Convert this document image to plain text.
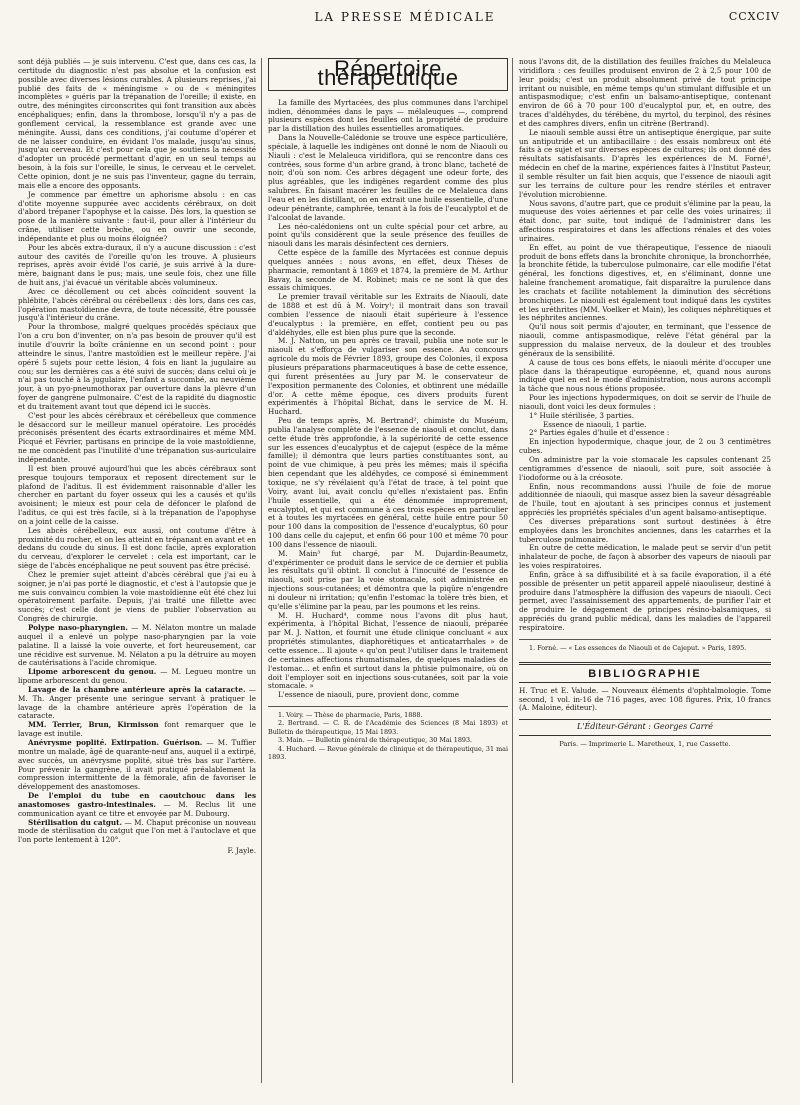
LA PRESSE MÉDICALE	CCXCIV

sont déjà publiés — je suis intervenu. C'est que, dans ces cas, la certitude du diagnostic n'est pas absolue et la confusion est possible avec diverses lésions curables. A plusieurs reprises, j'ai publié des faits de « méningisme » ou de « méningites incomplètes » guéris par la trépanation de l'oreille; il existe, en outre, des méningites circonscrites qui font transition aux abcès encéphaliques; enfin, dans la thrombose, lorsqu'il n'y a pas de gonflement cervical, la ressemblance est grande avec une méningite. Aussi, dans ces conditions, j'ai coutume d'opérer et de ne laisser conduire, en évidant l'os malade, jusqu'au sinus, jusqu'au cerveau. Et c'est pour cela que je soutiens la nécessité d'adopter un procédé permettant d'agir, en un seul temps au besoin, à la fois sur l'oreille, le sinus, le cerveau et le cervelet. Cette opinion, dont je ne suis pas l'inventeur, gagne du terrain, mais elle a encore des opposants.

Je commence par émettre un aphorisme absolu : en cas d'otite moyenne suppurée avec accidents cérébraux, on doit d'abord trépaner l'apophyse et la caisse. Dès lors, la question se pose de la manière suivante : faut-il, pour aller à l'intérieur du crâne, utiliser cette brèche, ou en ouvrir une seconde, indépendante et plus ou moins éloignée?

Pour les abcès extra-duraux, il n'y a aucune discussion : c'est autour des cavités de l'oreille qu'on les trouve. A plusieurs reprises, après avoir évidé l'os carié, je suis arrivé à la dure-mère, baignant dans le pus; mais, une seule fois, chez une fille de huit ans, j'ai évacué un véritable abcès volumineux.

Avec ce décollement ou cet abcès coïncident souvent la phlébite, l'abcès cérébral ou cérébelleux : dès lors, dans ces cas, l'opération mastoïdienne devra, de toute nécessité, être poussée jusqu'à l'intérieur du crâne.

Pour la thrombose, malgré quelques procédés spéciaux que l'on a cru bon d'inventer, on n'a pas besoin de prouver qu'il est inutile d'ouvrir la boîte crânienne en un second point : pour atteindre le sinus, l'antre mastoïdien est le meilleur repère. J'ai opéré 5 sujets pour cette lésion, 4 fois en liant la jugulaire au cou; sur les dernières cas a été suivi de succès; dans celui où je n'ai pas touché à la jugulaire, l'enfant a succombé, au neuvième jour, à un pyo-pneumothorax par ouverture dans la plèvre d'un foyer de gangrène pulmonaire. C'est de la rapidité du diagnostic et du traitement avant tout que dépend ici le succès.

C'est pour les abcès cérébraux et cérébelleux que commence le désaccord sur le meilleur manuel opératoire. Les procédés préconisés présentent des écarts extraordinaires et même MM. Picqué et Février, partisans en principe de la voie mastoïdienne, ne me concèdent pas l'inutilité d'une trépanation sus-auriculaire indépendante.

Il est bien prouvé aujourd'hui que les abcès cérébraux sont presque toujours temporaux et reposent directement sur le plafond de l'aditus. Il est évidemment raisonnable d'aller les chercher en partant du foyer osseux qui les a causés et qu'ils avoisinent; le mieux est pour cela de défoncer le plafond de l'aditus, ce qui est très facile, si à la trépanation de l'apophyse on a joint celle de la caisse.

Les abcès cérébelleux, eux aussi, ont coutume d'être à proximité du rocher, et on les atteint en trépanant en avant et en dedans du coude du sinus. Il est donc facile, après exploration du cerveau, d'explorer le cervelet : cela est important, car le siège de l'abcès encéphalique ne peut souvent pas être précisé.

Chez le premier sujet atteint d'abcès cérébral que j'ai eu à soigner, je n'ai pas porté le diagnostic, et c'est à l'autopsie que je me suis convaincu combien la voie mastoïdienne eût été chez lui opératoirement parfaite. Depuis, j'ai traité une fillette avec succès; c'est celle dont je viens de publier l'observation au Congrès de chirurgie.

Polype naso-pharyngien. — M. Nélaton montre un malade auquel il a enlevé un polype naso-pharyngien par la voie palatine. Il a laissé la voie ouverte, et fort heureusement, car une récidive est survenue. M. Nélaton a pu la détruire au moyen de cautérisations à l'acide chromique.

Lipome arborescent du genou. — M. Legueu montre un lipome arborescent du genou.

Lavage de la chambre antérieure après la cataracte. — M. Th. Anger présente une seringue servant à pratiquer le lavage de la chambre antérieure après l'opération de la cataracte.

MM. Terrier, Brun, Kirmisson font remarquer que le lavage est inutile.

Anévrysme poplité. Extirpation. Guérison. — M. Tuffier montre un malade, âgé de quarante-neuf ans, auquel il a extirpé, avec succès, un anévrysme poplité, situé très bas sur l'artère. Pour prévenir la gangrène, il avait pratiqué préalablement la compression intermittente de la fémorale, afin de favoriser le développement des anastomoses.

De l'emploi du tube en caoutchouc dans les anastomoses gastro-intestinales. — M. Reclus lit une communication ayant ce titre et envoyée par M. Dubourg.

Stérilisation du catgut. — M. Chaput préconise un nouveau mode de stérilisation du catgut que l'on met à l'autoclave et que l'on porte lentement à 120°.

F. Jayle.
Répertoire thérapeutique

La famille des Myrtacées, des plus communes dans l'archipel indien, dénommées dans le pays — mélaleuques —, comprend plusieurs espèces dont les feuilles ont la propriété de produire par la distillation des huiles essentielles aromatiques.

Dans la Nouvelle-Calédonie se trouve une espèce particulière, spéciale, à laquelle les indigènes ont donné le nom de Niaouli ou Niauli : c'est le Melaleuca viridiflora, qui se rencontre dans ces contrées, sous forme d'un arbre grand, à tronc blanc, tacheté de noir, d'où son nom. Ces arbres dégagent une odeur forte, des plus agréables, que les indigènes regardent comme des plus salubres. En faisant macérer les feuilles de ce Melaleuca dans l'eau et en les distillant, on en extrait une huile essentielle, d'une odeur pénétrante, camphrée, tenant à la fois de l'eucalyptol et de l'alcoolat de lavande.

Les néo-calédoniens ont un culte spécial pour cet arbre, au point qu'ils considèrent que la seule présence des feuilles de niaouli dans les marais désinfectent ces derniers.

Cette espèce de la famille des Myrtacées est connue depuis quelques années : nous avons, en effet, deux Thèses de pharmacie, remontant à 1869 et 1874, la première de M. Arthur Bavay, la seconde de M. Robinet; mais ce ne sont là que des essais chimiques.

Le premier travail véritable sur les Extraits de Niaouli, date de 1888 et est dû à M. Voiry¹; il montrait dans son travail combien l'essence de niaouli était supérieure à l'essence d'eucalyptus : la première, en effet, contient peu ou pas d'aldéhydes, elle est bien plus pure que la seconde.

M. J. Natton, un peu après ce travail, publia une note sur le niaouli et s'efforça de vulgariser son essence. Au concours agricole du mois de Février 1893, groupe des Colonies, il exposa plusieurs préparations pharmaceutiques à base de cette essence, qui furent présentées au Jury par M. le conservateur de l'exposition permanente des Colonies, et obtinrent une médaille d'or. A cette même époque, ces divers produits furent expérimentés à l'hôpital Bichat, dans le service de M. H. Huchard.

Peu de temps après, M. Bertrand², chimiste du Muséum, publia l'analyse complète de l'essence de niaouli et conclut, dans cette étude très approfondie, à la supériorité de cette essence sur les essences d'eucalyptus et de cajeput (espèce de la même famille); il démontra que leurs parties constituantes sont, au point de vue chimique, à peu près les mêmes; mais il spécifia bien cependant que les aldéhydes, ce composé si éminemment toxique, ne s'y révélaient qu'à l'état de trace, à tel point que Voiry, avant lui, avait conclu qu'elles n'existaient pas. Enfin l'huile essentielle, qui a été dénommée improprement, eucalyptol, et qui est commune à ces trois espèces en particulier et à toutes les myrtacées en général, cette huile entre pour 50 pour 100 dans la composition de l'essence d'eucalyptus, 60 pour 100 dans celle du cajeput, et enfin 66 pour 100 et même 70 pour 100 dans l'essence de niaouli.

M. Main³ fut chargé, par M. Dujardin-Beaumetz, d'expérimenter ce produit dans le service de ce dernier et publia les résultats qu'il obtint. Il conclut à l'inocuité de l'essence de niaouli, soit prise par la voie stomacale, soit administrée en injections sous-cutanées; et démontra que la piqûre n'engendre ni douleur ni irritation; qu'enfin l'estomac la tolère très bien, et qu'elle s'élimine par la peau, par les poumons et les reins.

M. H. Huchard⁴, comme nous l'avons dit plus haut, expérimenta, à l'hôpital Bichat, l'essence de niaouli, préparée par M. J. Natton, et fournit une étude clinique concluant « aux propriétés stimulantes, diaphorétiques et anticatarrhales » de cette essence... Il ajoute « qu'on peut l'utiliser dans le traitement de certaines affections rhumatismales, de quelques maladies de l'estomac... et enfin et surtout dans la phtisie pulmonaire, où on doit l'employer soit en injections sous-cutanées, soit par la voie stomacale. »

L'essence de niaouli, pure, provient donc, comme

1. Voiry. — Thèse de pharmacie, Paris, 1888.

2. Bertrand. — C. R. de l'Académie des Sciences (8 Mai 1893) et Bulletin de thérapeutique, 15 Mai 1893.

3. Main. — Bulletin général de thérapeutique, 30 Mai 1893.

4. Huchard. — Revue générale de clinique et de thérapeutique, 31 mai 1893.

nous l'avons dit, de la distillation des feuilles fraîches du Melaleuca viridiflora : ces feuilles produisent environ de 2 à 2,5 pour 100 de leur poids; c'est un produit absolument privé de tout principe irritant ou nuisible, en même temps qu'un stimulant diffusible et un antispasmodique; c'est enfin un balsamo-antiseptique, contenant environ de 66 à 70 pour 100 d'eucalyptol pur, et, en outre, des traces d'aldéhydes, du térébène, du myrtol, du terpinol, des résines et des camphres divers, enfin un citrène (Bertrand).

Le niaouli semble aussi être un antiseptique énergique, par suite un antiputride et un antibacillaire : des essais nombreux ont été faits à ce sujet et sur diverses espèces de cultures; ils ont donné des résultats satisfaisants. D'après les expériences de M. Forné¹, médecin en chef de la marine, expériences faites à l'Institut Pasteur, il semble résulter un fait bien acquis, que l'essence de niaouli agit sur les terrains de culture pour les rendre stériles et entraver l'évolution microbienne.

Nous savons, d'autre part, que ce produit s'élimine par la peau, la muqueuse des voies aériennes et par celle des voies urinaires; il était donc, par suite, tout indiqué de l'administrer dans les affections respiratoires et dans les affections rénales et des voies urinaires.

En effet, au point de vue thérapeutique, l'essence de niaouli produit de bons effets dans la bronchite chronique, la bronchorrhée, la bronchite fétide, la tuberculose pulmonaire, car elle modifie l'état général, les fonctions digestives, et, en s'éliminant, donne une haleine franchement aromatique, fait disparaître la purulence dans les crachats et facilite notablement la diminution des sécrétions bronchiques. Le niaouli est également tout indiqué dans les cystites et les uréthrites (MM. Voelker et Main), les coliques néphrétiques et les néphrites anciennes.

Qu'il nous soit permis d'ajouter, en terminant, que l'essence de niaouli, comme antispasmodique, relève l'état général par la suppression du malaise nerveux, de la douleur et des troubles généraux de la sensibilité.

A cause de tous ces bons effets, le niaouli mérite d'occuper une place dans la thérapeutique européenne, et, quand nous aurons indiqué quel en est le mode d'administration, nous aurons accompli la tâche que nous nous étions proposée.

Pour les injections hypodermiques, on doit se servir de l'huile de niaouli, dont voici les deux formules :

1° Huile stérilisée, 3 parties.

Essence de niaouli, 1 partie.

2° Parties égales d'huile et d'essence :

En injection hypodermique, chaque jour, de 2 ou 3 centimètres cubes.

On administre par la voie stomacale les capsules contenant 25 centigrammes d'essence de niaouli, soit pure, soit associée à l'iodoforme ou à la créosote.

Enfin, nous recommandons aussi l'huile de foie de morue additionnée de niaouli, qui masque assez bien la saveur désagréable de l'huile, tout en ajoutant à ses principes connus et justement appréciés les propriétés spéciales d'un agent balsamo-antiseptique.

Ces diverses préparations sont surtout destinées à être employées dans les bronchites anciennes, dans les catarrhes et la tuberculose pulmonaire.

En outre de cette médication, le malade peut se servir d'un petit inhalateur de poche, de façon à absorber des vapeurs de niaouli par les voies respiratoires.

Enfin, grâce à sa diffusibilité et à sa facile évaporation, il a été possible de présenter un petit appareil appelé niaouliseur, destiné à produire dans l'atmosphère la diffusion des vapeurs de niaouli. Ceci permet, avec l'assainissement des appartements, de purifier l'air et de produire le dégagement de principes résino-balsamiques, si appréciés du grand public médical, dans les maladies de l'appareil respiratoire.

1. Forné. — « Les essences de Niaouli et de Cajeput. » Paris, 1895.

BIBLIOGRAPHIE
H. Truc et E. Valude. — Nouveaux éléments d'ophtalmologie. Tome second, 1 vol. in-16 de 716 pages, avec 108 figures. Prix, 10 francs (A. Maloine, éditeur).
L'Éditeur-Gérant : Georges Carré
Paris. — Imprimerie L. Maretheux, 1, rue Cassette.
